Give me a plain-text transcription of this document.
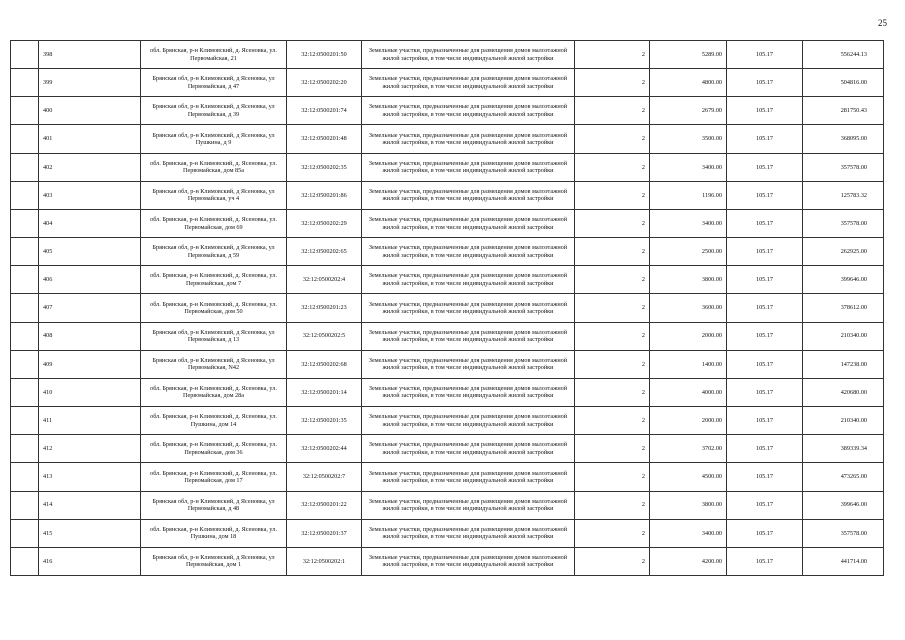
25
	398	обл. Брянская, р-н Климовский, д. Ясеновка, ул. Первомайская, 21	32:12:0500201:50	Земельные участки, предназначенные для размещения домов малоэтажной жилой застройки, в том числе индивидуальной жилой застройки	2	5289.00	105.17	556244.13
	399	Брянская обл, р-н Климовский, д Ясеновка, ул Первомайская, д 47	32:12:0500202:20	Земельные участки, предназначенные для размещения домов малоэтажной жилой застройки, в том числе индивидуальной жилой застройки	2	4800.00	105.17	504816.00
	400	Брянская обл, р-н Климовский, д Ясеновка, ул Первомайская, д 39	32:12:0500201:74	Земельные участки, предназначенные для размещения домов малоэтажной жилой застройки, в том числе индивидуальной жилой застройки	2	2679.00	105.17	281750.43
	401	Брянская обл, р-н Климовский, д Ясеновка, ул Пушкина, д 9	32:12:0500201:48	Земельные участки, предназначенные для размещения домов малоэтажной жилой застройки, в том числе индивидуальной жилой застройки	2	3500.00	105.17	368095.00
	402	обл. Брянская, р-н Климовский, д. Ясеновка, ул. Первомайская, дом 85а	32:12:0500202:35	Земельные участки, предназначенные для размещения домов малоэтажной жилой застройки, в том числе индивидуальной жилой застройки	2	3400.00	105.17	357578.00
	403	Брянская обл, р-н Климовский, д Ясеновка, ул Первомайская, уч 4	32:12:0500201:86	Земельные участки, предназначенные для размещения домов малоэтажной жилой застройки, в том числе индивидуальной жилой застройки	2	1196.00	105.17	125783.32
	404	обл. Брянская, р-н Климовский, д. Ясеновка, ул. Первомайская, дом 69	32:12:0500202:29	Земельные участки, предназначенные для размещения домов малоэтажной жилой застройки, в том числе индивидуальной жилой застройки	2	3400.00	105.17	357578.00
	405	Брянская обл, р-н Климовский, д Ясеновка, ул Первомайская, д 59	32:12:0500202:65	Земельные участки, предназначенные для размещения домов малоэтажной жилой застройки, в том числе индивидуальной жилой застройки	2	2500.00	105.17	262925.00
	406	обл. Брянская, р-н Климовский, д. Ясеновка, ул. Первомайская, дом 7	32:12:0500202:4	Земельные участки, предназначенные для размещения домов малоэтажной жилой застройки, в том числе индивидуальной жилой застройки	2	3800.00	105.17	399646.00
	407	обл. Брянская, р-н Климовский, д. Ясеновка, ул. Первомайская, дом 50	32:12:0500201:23	Земельные участки, предназначенные для размещения домов малоэтажной жилой застройки, в том числе индивидуальной жилой застройки	2	3600.00	105.17	378612.00
	408	Брянская обл, р-н Климовский, д Ясеновка, ул Первомайская, д 13	32:12:0500202:5	Земельные участки, предназначенные для размещения домов малоэтажной жилой застройки, в том числе индивидуальной жилой застройки	2	2000.00	105.17	210340.00
	409	Брянская обл, р-н Климовский, д Ясеновка, ул Первомайская, N42	32:12:0500202:68	Земельные участки, предназначенные для размещения домов малоэтажной жилой застройки, в том числе индивидуальной жилой застройки	2	1400.00	105.17	147238.00
	410	обл. Брянская, р-н Климовский, д. Ясеновка, ул. Первомайская, дом 28а	32:12:0500201:14	Земельные участки, предназначенные для размещения домов малоэтажной жилой застройки, в том числе индивидуальной жилой застройки	2	4000.00	105.17	420680.00
	411	обл. Брянская, р-н Климовский, д. Ясеновка, ул. Пушкина, дом 14	32:12:0500201:35	Земельные участки, предназначенные для размещения домов малоэтажной жилой застройки, в том числе индивидуальной жилой застройки	2	2000.00	105.17	210340.00
	412	обл. Брянская, р-н Климовский, д. Ясеновка, ул. Первомайская, дом 36	32:12:0500202:44	Земельные участки, предназначенные для размещения домов малоэтажной жилой застройки, в том числе индивидуальной жилой застройки	2	3702.00	105.17	389339.34
	413	обл. Брянская, р-н Климовский, д. Ясеновка, ул. Первомайская, дом 17	32:12:0500202:7	Земельные участки, предназначенные для размещения домов малоэтажной жилой застройки, в том числе индивидуальной жилой застройки	2	4500.00	105.17	473265.00
	414	Брянская обл, р-н Климовский, д Ясеновка, ул Первомайская, д 48	32:12:0500201:22	Земельные участки, предназначенные для размещения домов малоэтажной жилой застройки, в том числе индивидуальной жилой застройки	2	3800.00	105.17	399646.00
	415	обл. Брянская, р-н Климовский, д. Ясеновка, ул. Пушкина, дом 18	32:12:0500201:37	Земельные участки, предназначенные для размещения домов малоэтажной жилой застройки, в том числе индивидуальной жилой застройки	2	3400.00	105.17	357578.00
	416	Брянская обл, р-н Климовский, д Ясеновка, ул Первомайская, дом 1	32:12:0500202:1	Земельные участки, предназначенные для размещения домов малоэтажной жилой застройки, в том числе индивидуальной жилой застройки	2	4200.00	105.17	441714.00
